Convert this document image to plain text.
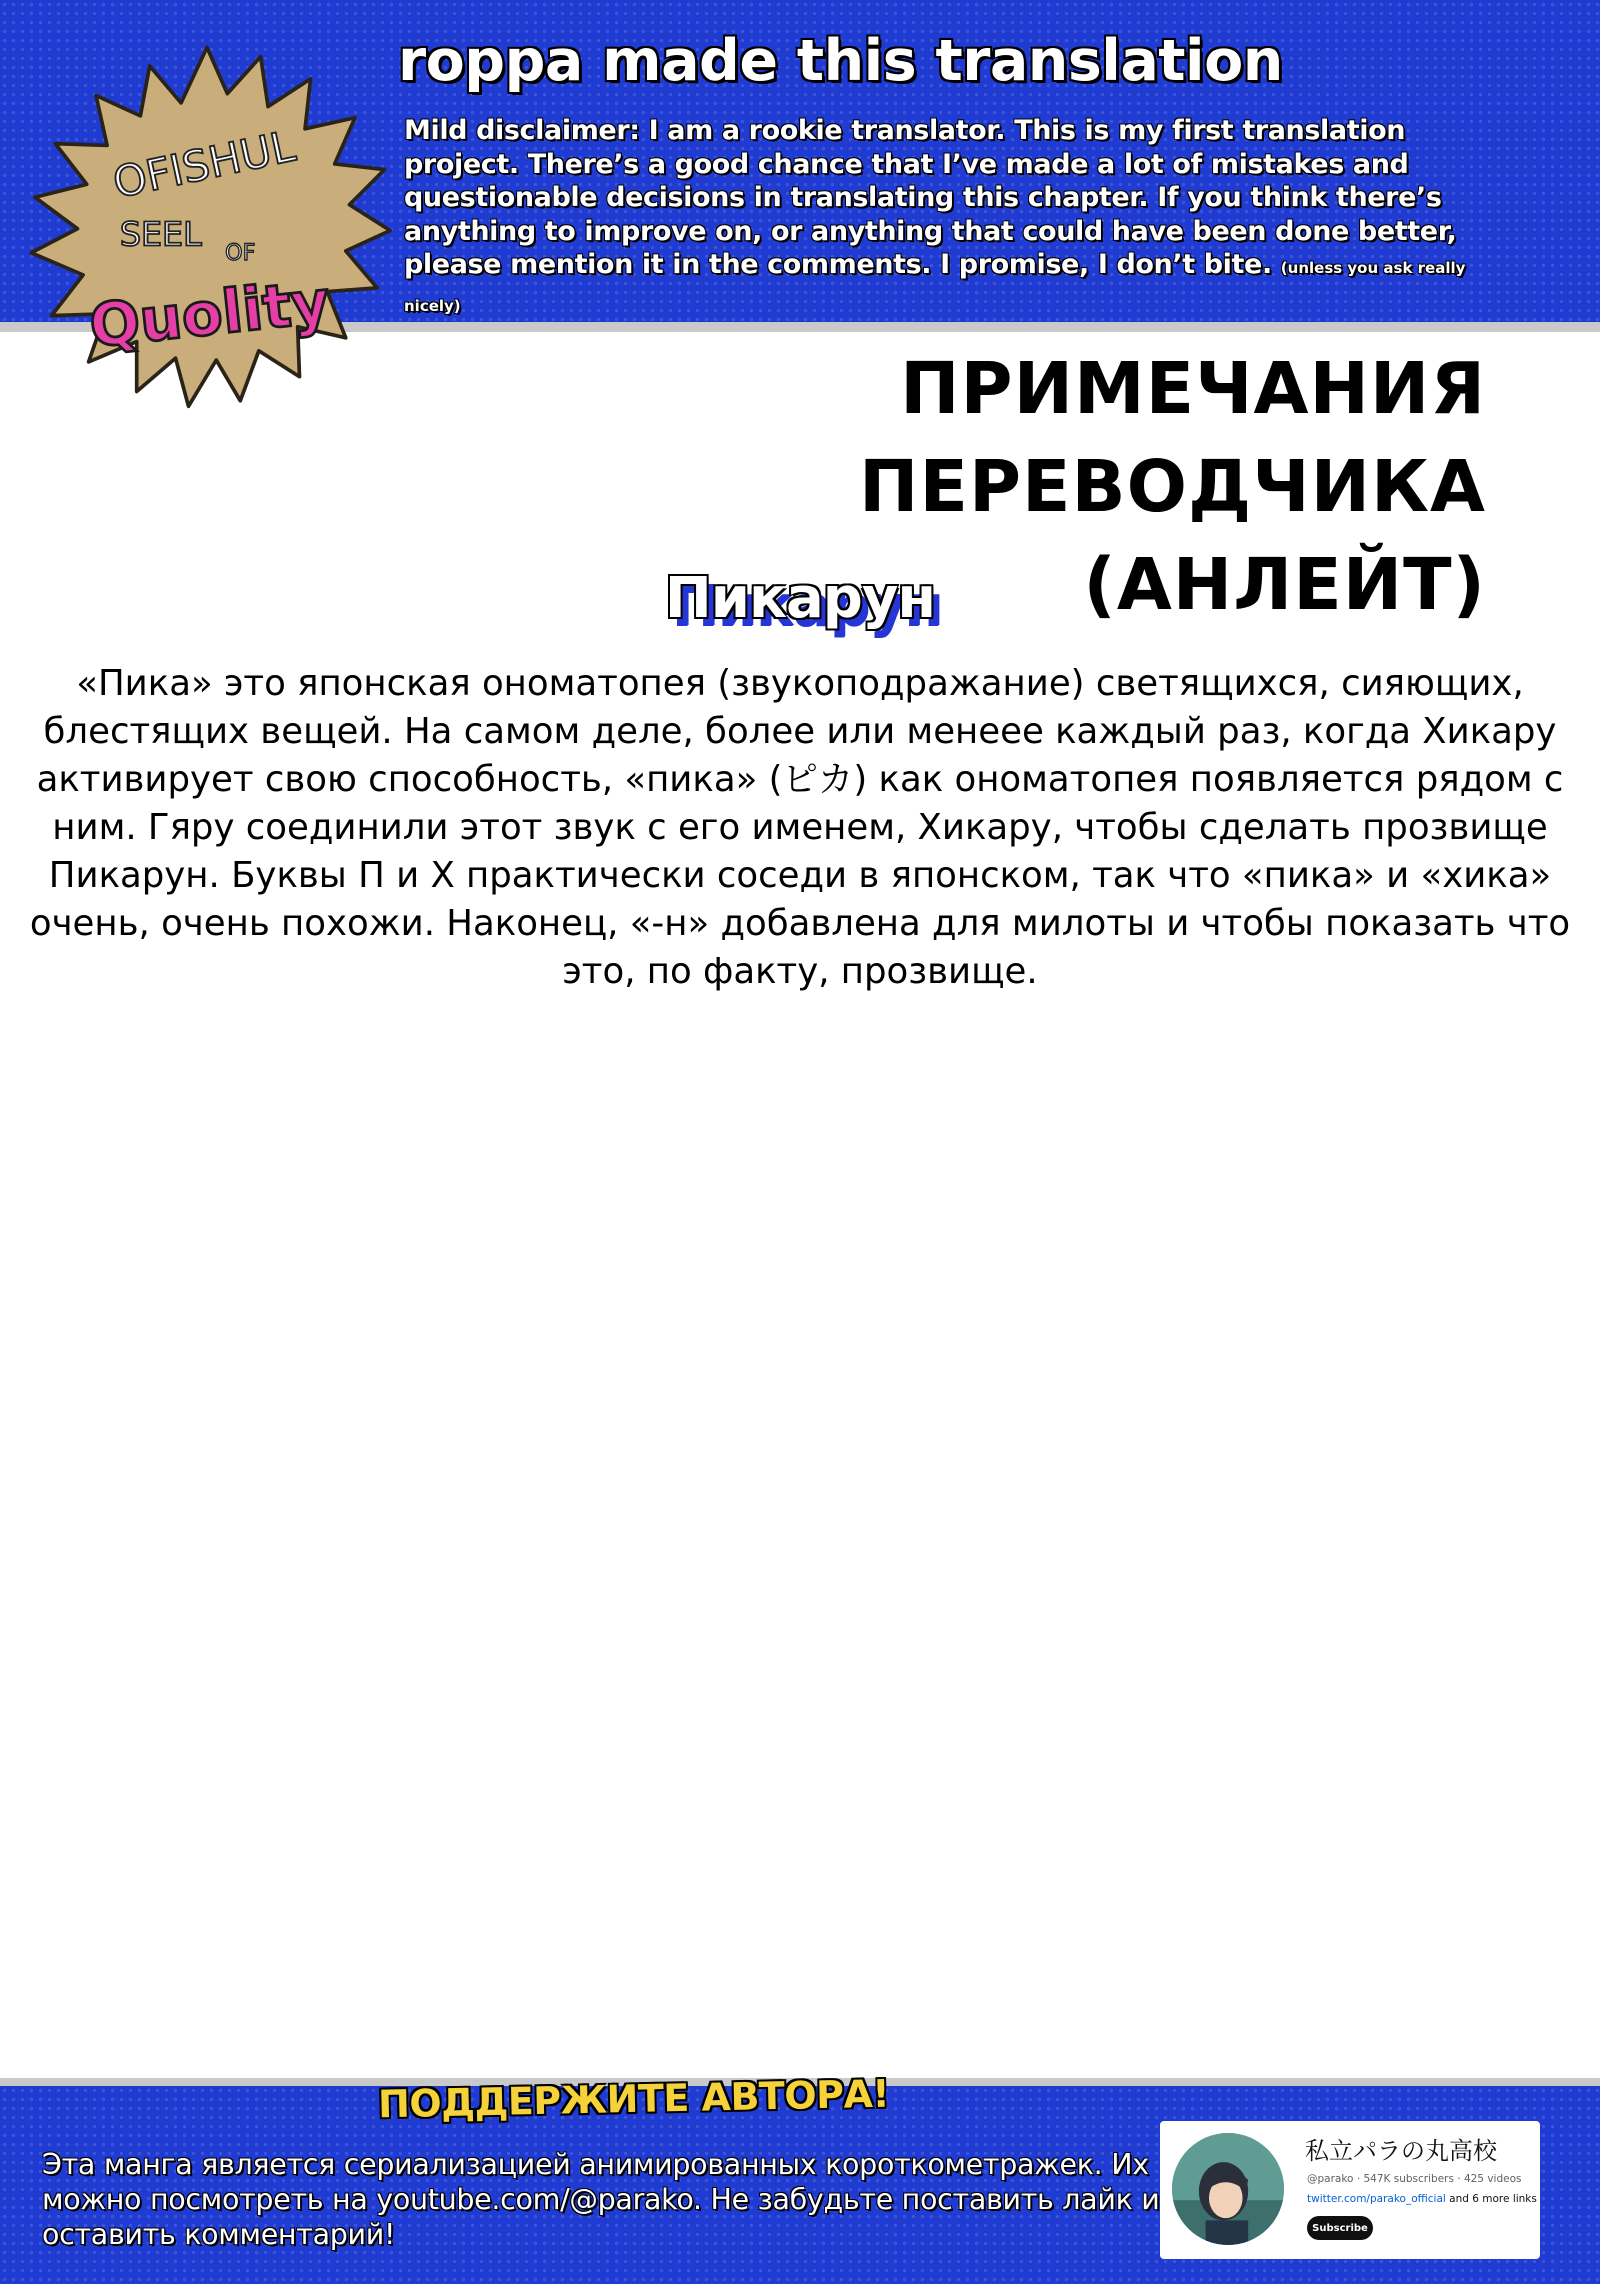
OFISHUL
SEEL OF
Quolity
roppa made this translation

Mild disclaimer: I am a rookie translator. This is my first translation project. There’s a good chance that I’ve made a lot of mistakes and questionable decisions in translating this chapter. If you think there’s anything to improve on, or anything that could have been done better, please mention it in the comments. I promise, I don’t bite. (unless you ask really nicely)

ПРИМЕЧАНИЯ ПЕРЕВОДЧИКА
(АНЛЕЙТ)
Пикарун

«Пика» это японская ономатопея (звукоподражание) светящихся, сияющих, блестящих вещей. На самом деле, более или менеее каждый раз, когда Хикару активирует свою способность, «пика» (ピカ) как ономатопея появляется рядом с ним. Гяру соединили этот звук с его именем, Хикару, чтобы сделать прозвище Пикарун. Буквы П и Х практически соседи в японском, так что «пика» и «хика» очень, очень похожи. Наконец, «-н» добавлена для милоты и чтобы показать что это, по факту, прозвище.

ПОДДЕРЖИТЕ АВТОРА!

Эта манга является сериализацией анимированных короткометражек. Их можно посмотреть на youtube.com/@parako. Не забудьте поставить лайк и оставить комментарий!

私立パラの丸高校
@parako · 547K subscribers · 425 videos
twitter.com/parako_official and 6 more links
Subscribe
